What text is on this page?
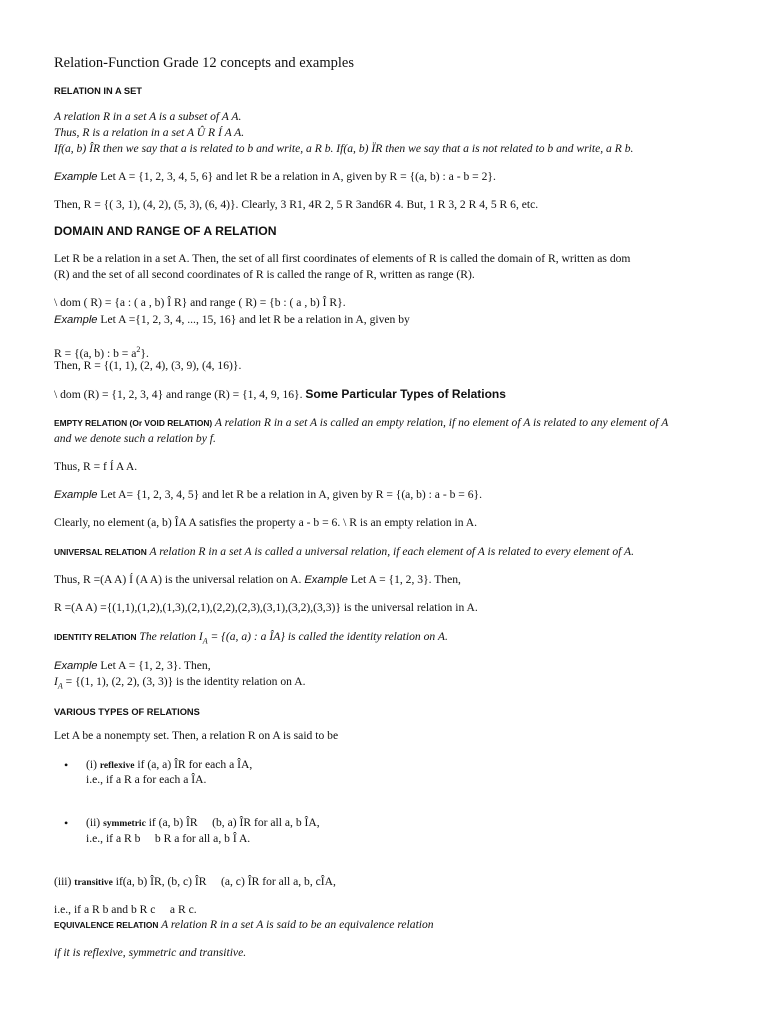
Relation-Function Grade 12 concepts and examples
RELATION IN A SET
A relation R in a set A is a subset of A A.
Thus, R is a relation in a set A Û R Í A A.
If(a, b) ÎR then we say that a is related to b and write, a R b. If(a, b) ÏR then we say that a is not related to b and write, a R b.
Example Let A = {1, 2, 3, 4, 5, 6} and let R be a relation in A, given by R = {(a, b) : a - b = 2}.
Then, R = {( 3, 1), (4, 2), (5, 3), (6, 4)}. Clearly, 3 R1, 4R 2, 5 R 3and6R 4. But, 1 R 3, 2 R 4, 5 R 6, etc.
DOMAIN AND RANGE OF A RELATION
Let R be a relation in a set A. Then, the set of all first coordinates of elements of R is called the domain of R, written as dom
(R) and the set of all second coordinates of R is called the range of R, written as range (R).
\ dom ( R) = {a : ( a , b) Î R} and range ( R) = {b : ( a , b) Î R}.
Example Let A ={1, 2, 3, 4, ..., 15, 16} and let R be a relation in A, given by
R = {(a, b) : $b = a^2$}.
Then, R = {(1, 1), (2, 4), (3, 9), (4, 16)}.
\ dom (R) = {1, 2, 3, 4} and range (R) = {1, 4, 9, 16}. Some Particular Types of Relations
EMPTY RELATION (Or VOID RELATION) A relation R in a set A is called an empty relation, if no element of A is related to any element of A
and we denote such a relation by f.
Thus, R = f Í A A.
Example Let A= {1, 2, 3, 4, 5} and let R be a relation in A, given by R = {(a, b) : a - b = 6}.
Clearly, no element (a, b) ÎA A satisfies the property a - b = 6. \ R is an empty relation in A.
UNIVERSAL RELATION A relation R in a set A is called a universal relation, if each element of A is related to every element of A.
Thus, R =(A A) Í (A A) is the universal relation on A. Example Let A = {1, 2, 3}. Then,
R =(A A) ={(1,1),(1,2),(1,3),(2,1),(2,2),(2,3),(3,1),(3,2),(3,3)} is the universal relation in A.
IDENTITY RELATION The relation $I_A = \{(a$, a) : a ÎA} is called the identity relation on A.
Example Let A = {1, 2, 3}. Then,
$I_A = \{(1$, 1), (2, 2), (3, 3)} is the identity relation on A.
VARIOUS TYPES OF RELATIONS
Let A be a nonempty set. Then, a relation R on A is said to be
• (i) reflexive if (a, a) ÎR for each a ÎA,
i.e., if a R a for each a ÎA.
• (ii) symmetric if (a, b) ÎR     (b, a) ÎR for all a, b ÎA,
i.e., if a R b     b R a for all a, b Î A.
(iii) transitive if(a, b) ÎR, (b, c) ÎR     (a, c) ÎR for all a, b, cÎA,
i.e., if a R b and b R c     a R c.
EQUIVALENCE RELATION A relation R in a set A is said to be an equivalence relation
if it is reflexive, symmetric and transitive.
